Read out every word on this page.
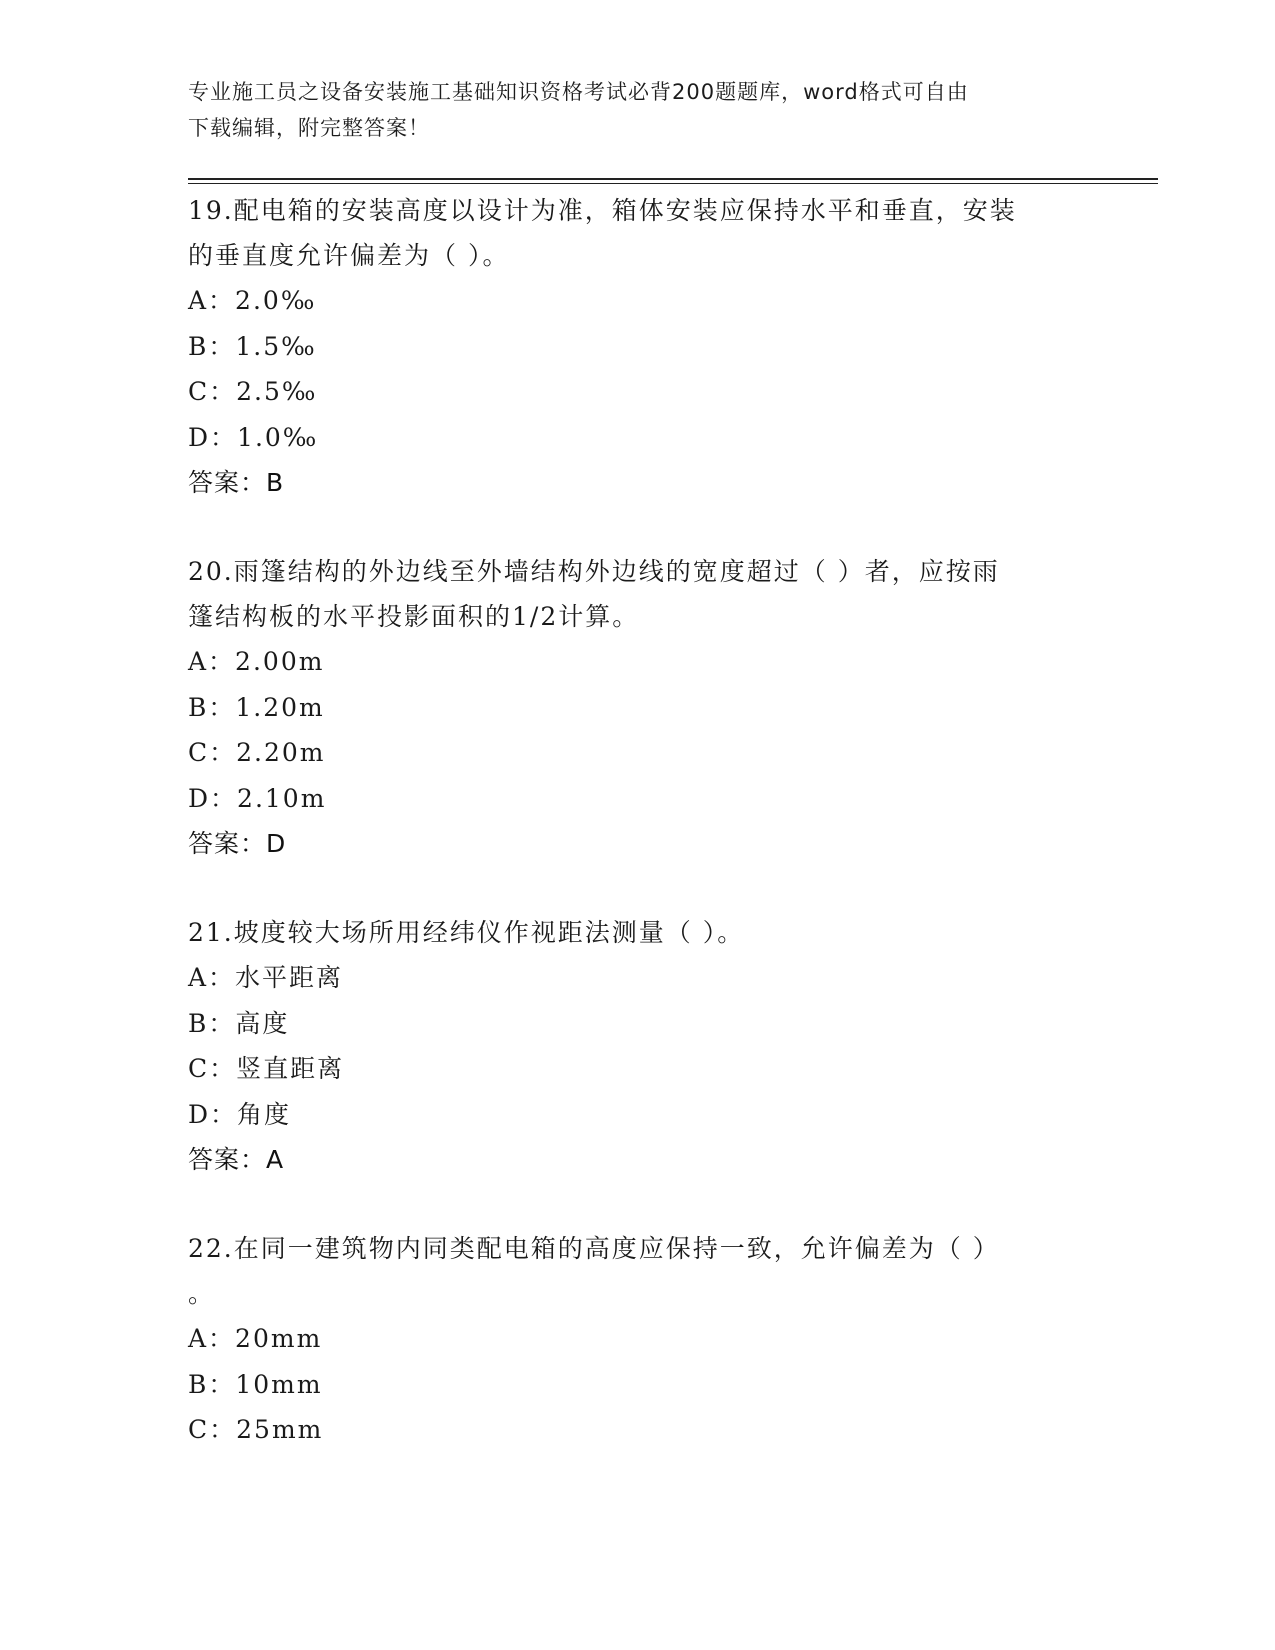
专业施工员之设备安装施工基础知识资格考试必背200题题库，word格式可自由
下载编辑，附完整答案！
19.配电箱的安装高度以设计为准，箱体安装应保持水平和垂直，安装
的垂直度允许偏差为（ ）。
A：2.0‰
B：1.5‰
C：2.5‰
D：1.0‰
答案：B
20.雨篷结构的外边线至外墙结构外边线的宽度超过（ ）者，应按雨
篷结构板的水平投影面积的1/2计算。
A：2.00m
B：1.20m
C：2.20m
D：2.10m
答案：D
21.坡度较大场所用经纬仪作视距法测量（ ）。
A：水平距离
B：高度
C：竖直距离
D：角度
答案：A
22.在同一建筑物内同类配电箱的高度应保持一致，允许偏差为（ ）
。
A：20mm
B：10mm
C：25mm
